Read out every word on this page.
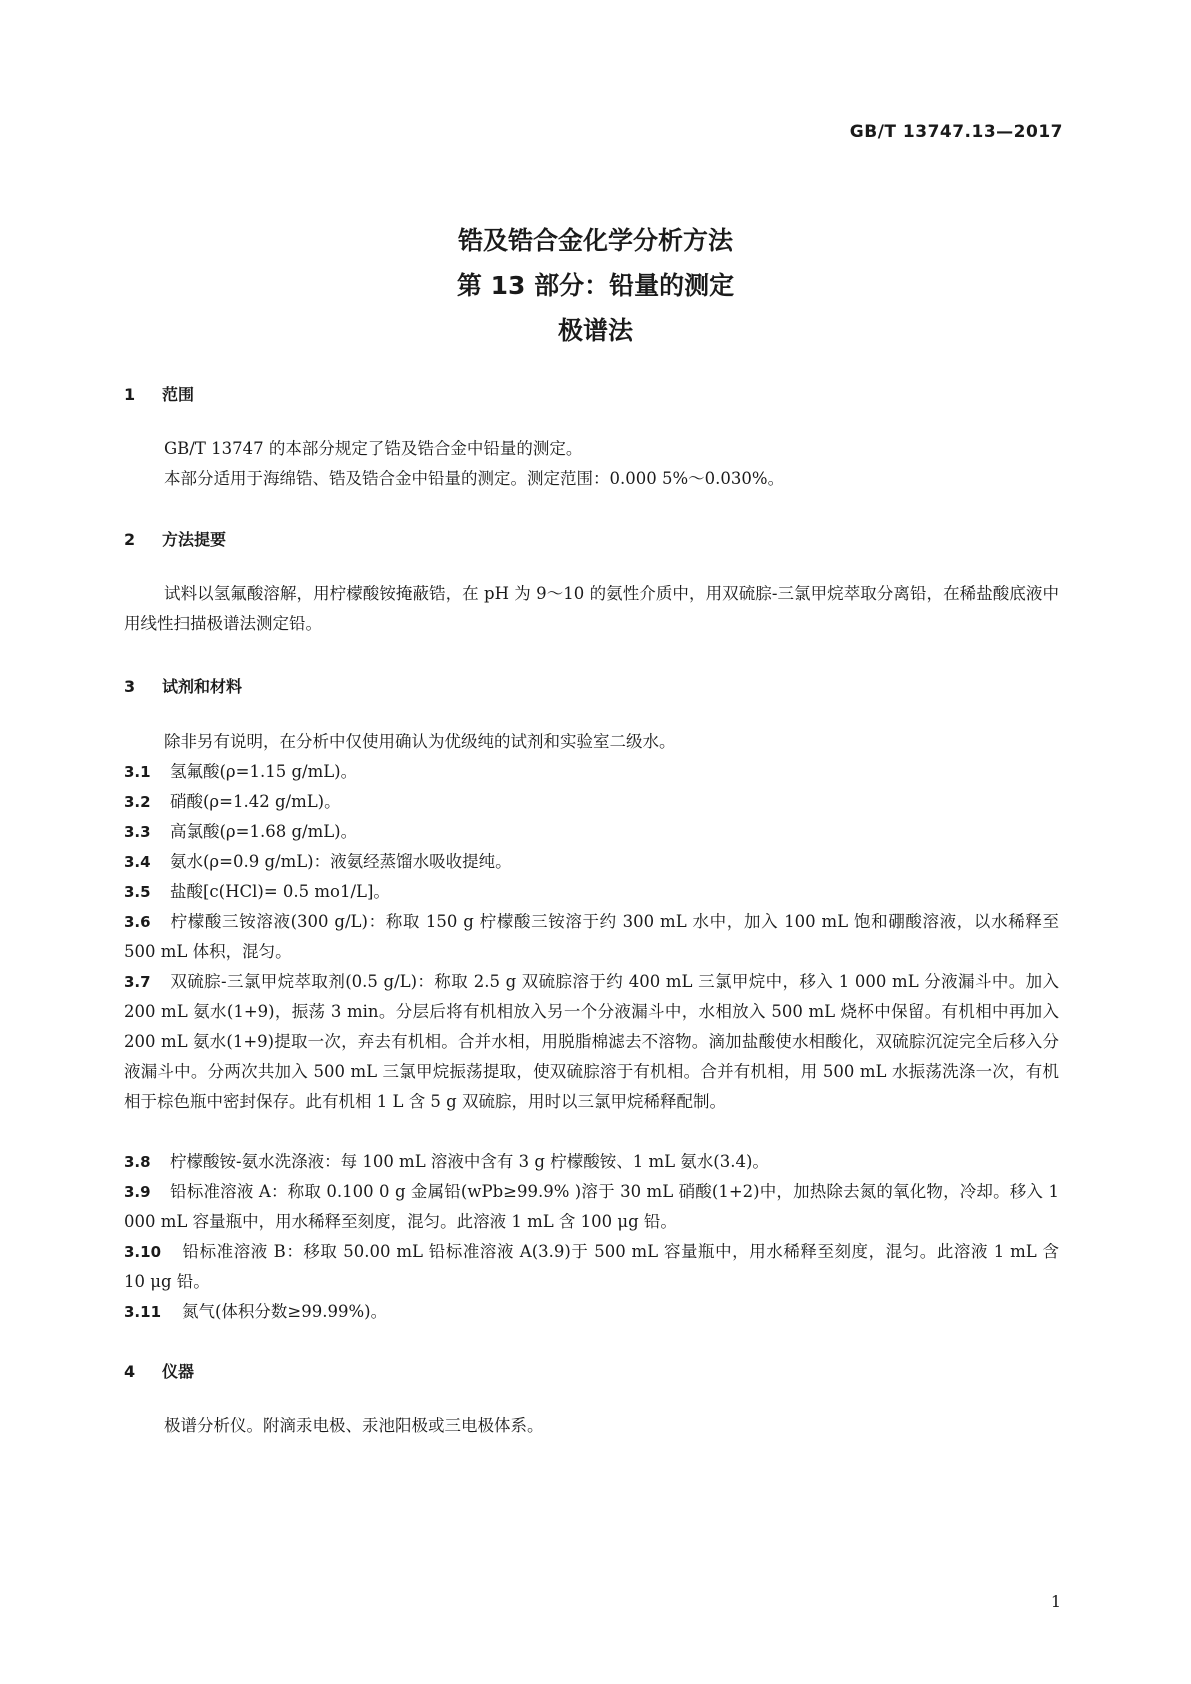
GB/T 13747.13—2017
锆及锆合金化学分析方法
第 13 部分：铅量的测定
极谱法
1 范围
GB/T 13747 的本部分规定了锆及锆合金中铅量的测定。
本部分适用于海绵锆、锆及锆合金中铅量的测定。测定范围：0.000 5%～0.030%。
2 方法提要
试料以氢氟酸溶解，用柠檬酸铵掩蔽锆，在 pH 为 9～10 的氨性介质中，用双硫腙-三氯甲烷萃取分离铅，在稀盐酸底液中用线性扫描极谱法测定铅。
3 试剂和材料
除非另有说明，在分析中仅使用确认为优级纯的试剂和实验室二级水。
3.1 氢氟酸(ρ=1.15 g/mL)。
3.2 硝酸(ρ=1.42 g/mL)。
3.3 高氯酸(ρ=1.68 g/mL)。
3.4 氨水(ρ=0.9 g/mL)：液氨经蒸馏水吸收提纯。
3.5 盐酸[c(HCl)= 0.5 mo1/L]。
3.6 柠檬酸三铵溶液(300 g/L)：称取 150 g 柠檬酸三铵溶于约 300 mL 水中，加入 100 mL 饱和硼酸溶液，以水稀释至 500 mL 体积，混匀。
3.7 双硫腙-三氯甲烷萃取剂(0.5 g/L)：称取 2.5 g 双硫腙溶于约 400 mL 三氯甲烷中，移入 1 000 mL 分液漏斗中。加入 200 mL 氨水(1+9)，振荡 3 min。分层后将有机相放入另一个分液漏斗中，水相放入 500 mL 烧杯中保留。有机相中再加入 200 mL 氨水(1+9)提取一次，弃去有机相。合并水相，用脱脂棉滤去不溶物。滴加盐酸使水相酸化，双硫腙沉淀完全后移入分液漏斗中。分两次共加入 500 mL 三氯甲烷振荡提取，使双硫腙溶于有机相。合并有机相，用 500 mL 水振荡洗涤一次，有机相于棕色瓶中密封保存。此有机相 1 L 含 5 g 双硫腙，用时以三氯甲烷稀释配制。
3.8 柠檬酸铵-氨水洗涤液：每 100 mL 溶液中含有 3 g 柠檬酸铵、1 mL 氨水(3.4)。
3.9 铅标准溶液 A：称取 0.100 0 g 金属铅(wPb≥99.9% )溶于 30 mL 硝酸(1+2)中，加热除去氮的氧化物，冷却。移入 1 000 mL 容量瓶中，用水稀释至刻度，混匀。此溶液 1 mL 含 100 μg 铅。
3.10 铅标准溶液 B：移取 50.00 mL 铅标准溶液 A(3.9)于 500 mL 容量瓶中，用水稀释至刻度，混匀。此溶液 1 mL 含 10 μg 铅。
3.11 氮气(体积分数≥99.99%)。
4 仪器
极谱分析仪。附滴汞电极、汞池阳极或三电极体系。
1
